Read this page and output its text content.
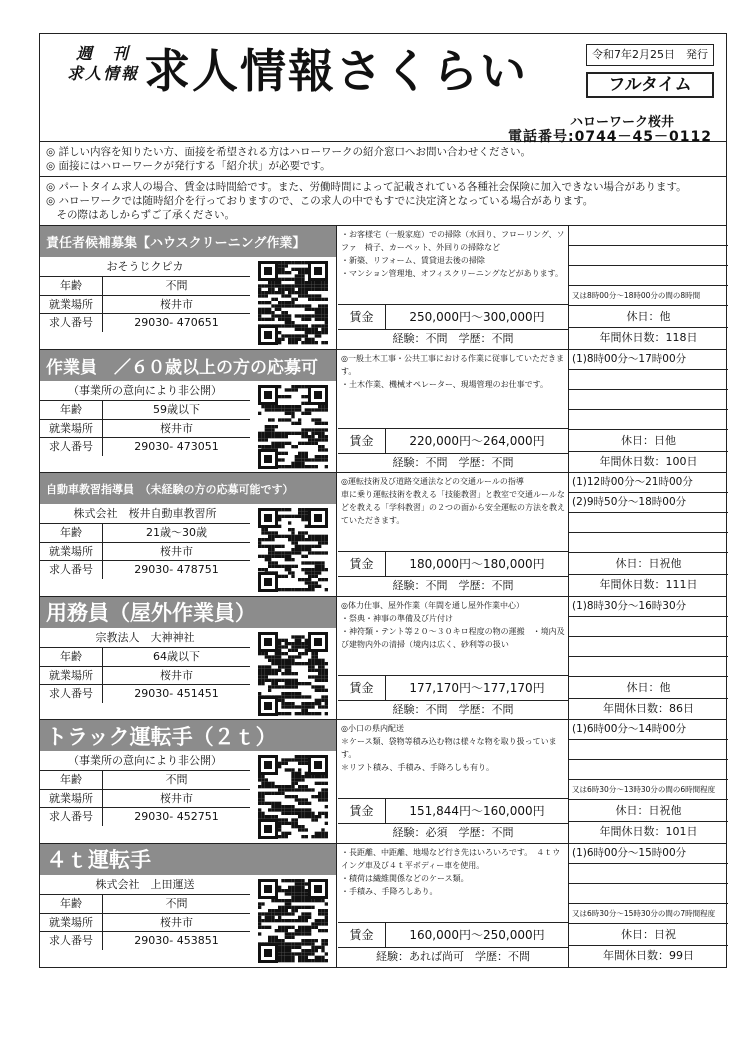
週　刊
求人情報 求人情報さくらい	令和7年2月25日　発行
フルタイム
ハローワーク桜井
電話番号:0744－45－0112
◎ 詳しい内容を知りたい方、面接を希望される方はハローワークの紹介窓口へお問い合わせください。
◎ 面接にはハローワークが発行する「紹介状」が必要です。
◎ パートタイム求人の場合、賃金は時間給です。また、労働時間によって記載されている各種社会保険に加入できない場合があります。
◎ ハローワークでは随時紹介を行っておりますので、この求人の中でもすでに決定済となっている場合があります。
　その際はあしからずご了承ください。
責任者候補募集【ハウスクリーニング作業】
おそうじクピカ
年齢	不問
就業場所	桜井市
求人番号	29030- 470651
・お客様宅（一般家庭）での掃除（水回り、フローリング、ソファ　椅子、カーペット、外回りの掃除など
・新築、リフォーム、賃貸退去後の掃除
・マンション管理地、オフィスクリーニングなどがあります。
賃金	250,000円～300,000円
経験：不問　学歴：不問
又は8時00分～18時00分の間の8時間
休日：他
年間休日数：118日
作業員　／６０歳以上の方の応募可
（事業所の意向により非公開）
年齢	59歳以下
就業場所	桜井市
求人番号	29030- 473051
◎一般土木工事・公共工事における作業に従事していただきます。
・土木作業、機械オペレーター、現場管理のお仕事です。
賃金	220,000円～264,000円
経験：不問　学歴：不問
(1)8時00分～17時00分
休日：日他
年間休日数：100日
自動車教習指導員　（未経験の方の応募可能です）
株式会社　桜井自動車教習所
年齢	21歳～30歳
就業場所	桜井市
求人番号	29030- 478751
◎運転技術及び道路交通法などの交通ルールの指導
車に乗り運転技術を教える「技能教習」と教室で交通ルールなどを教える「学科教習」の２つの面から安全運転の方法を教えていただきます。
賃金	180,000円～180,000円
経験：不問　学歴：不問
(1)12時00分～21時00分
(2)9時50分～18時00分
休日：日祝他
年間休日数：111日
用務員（屋外作業員）
宗教法人　大神神社
年齢	64歳以下
就業場所	桜井市
求人番号	29030- 451451
◎体力仕事、屋外作業（年間を通し屋外作業中心）
・祭典・神事の準備及び片付け
・神符類・テント等２０～３０キロ程度の物の運搬　・境内及び建物内外の清掃（境内は広く、砂利等の扱い
賃金	177,170円～177,170円
経験：不問　学歴：不問
(1)8時30分～16時30分
休日：他
年間休日数：86日
トラック運転手（２ｔ）
（事業所の意向により非公開）
年齢	不問
就業場所	桜井市
求人番号	29030- 452751
◎小口の県内配送
＊ケース類、袋物等積み込む物は様々な物を取り扱っています。
＊リフト積み、手積み、手降ろしも有り。
賃金	151,844円～160,000円
経験：必須　学歴：不問
(1)6時00分～14時00分
又は6時30分～13時30分の間の6時間程度
休日：日祝他
年間休日数：101日
４ｔ運転手
株式会社　上田運送
年齢	不問
就業場所	桜井市
求人番号	29030- 453851
・長距離、中距離、地場など行き先はいろいろです。　４ｔウイング車及び４ｔ平ボディー車を使用。
・積荷は繊維関係などのケース類。
・手積み、手降ろしあり。
賃金	160,000円～250,000円
経験：あれば尚可　学歴：不問
(1)6時00分～15時00分
又は6時30分～15時30分の間の7時間程度
休日：日祝
年間休日数：99日
